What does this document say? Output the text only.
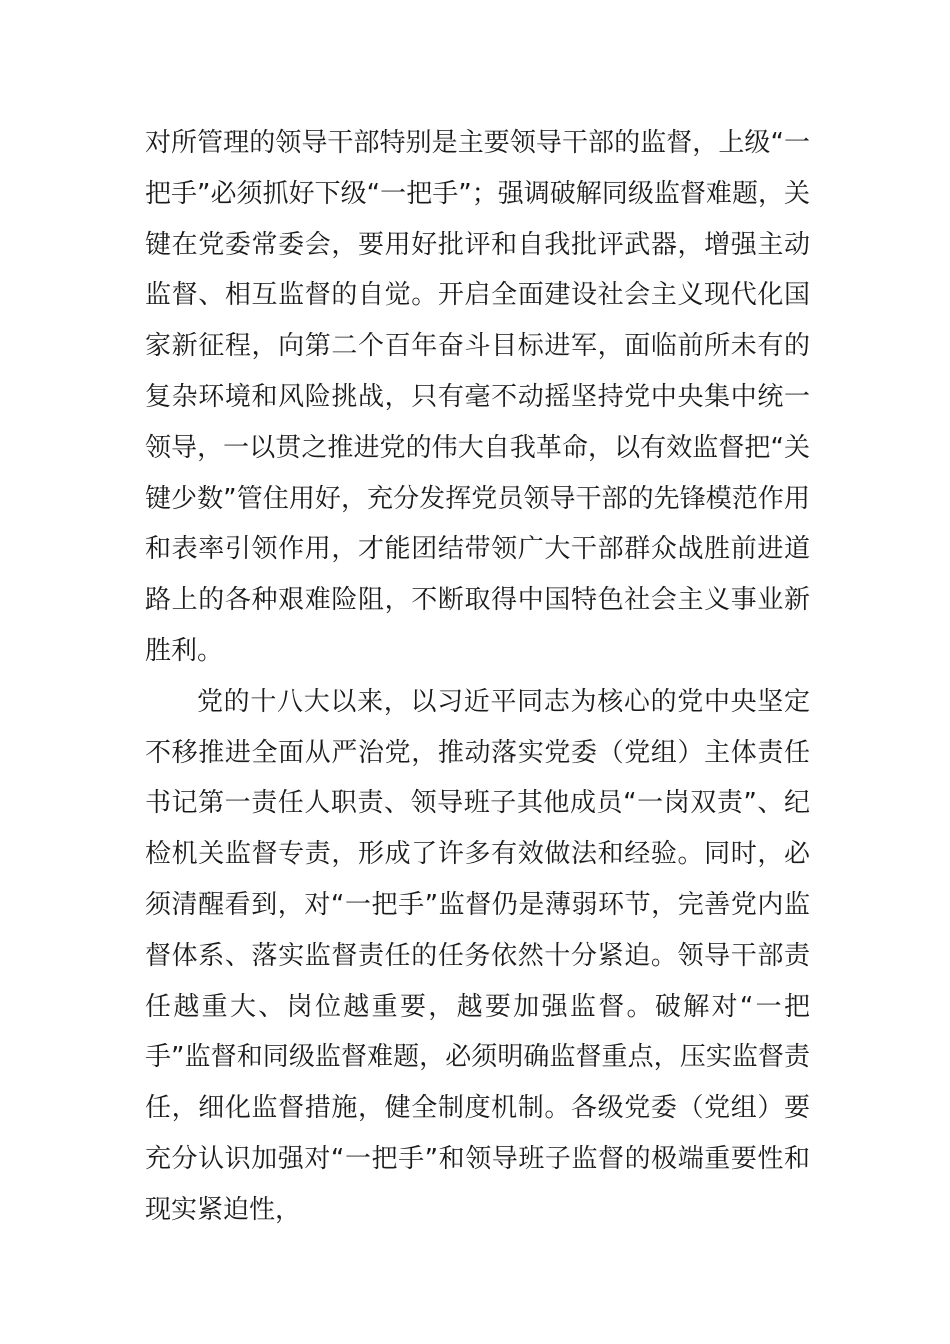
对所管理的领导干部特别是主要领导干部的监督，上级“一把手”必须抓好下级“一把手”；强调破解同级监督难题，关键在党委常委会，要用好批评和自我批评武器，增强主动监督、相互监督的自觉。开启全面建设社会主义现代化国家新征程，向第二个百年奋斗目标进军，面临前所未有的复杂环境和风险挑战，只有毫不动摇坚持党中央集中统一领导，一以贯之推进党的伟大自我革命，以有效监督把“关键少数”管住用好，充分发挥党员领导干部的先锋模范作用和表率引领作用，才能团结带领广大干部群众战胜前进道路上的各种艰难险阻，不断取得中国特色社会主义事业新胜利。

党的十八大以来，以习近平同志为核心的党中央坚定不移推进全面从严治党，推动落实党委（党组）主体责任书记第一责任人职责、领导班子其他成员“一岗双责”、纪检机关监督专责，形成了许多有效做法和经验。同时，必须清醒看到，对“一把手”监督仍是薄弱环节，完善党内监督体系、落实监督责任的任务依然十分紧迫。领导干部责任越重大、岗位越重要，越要加强监督。破解对“一把手”监督和同级监督难题，必须明确监督重点，压实监督责任，细化监督措施，健全制度机制。各级党委（党组）要充分认识加强对“一把手”和领导班子监督的极端重要性和现实紧迫性，
